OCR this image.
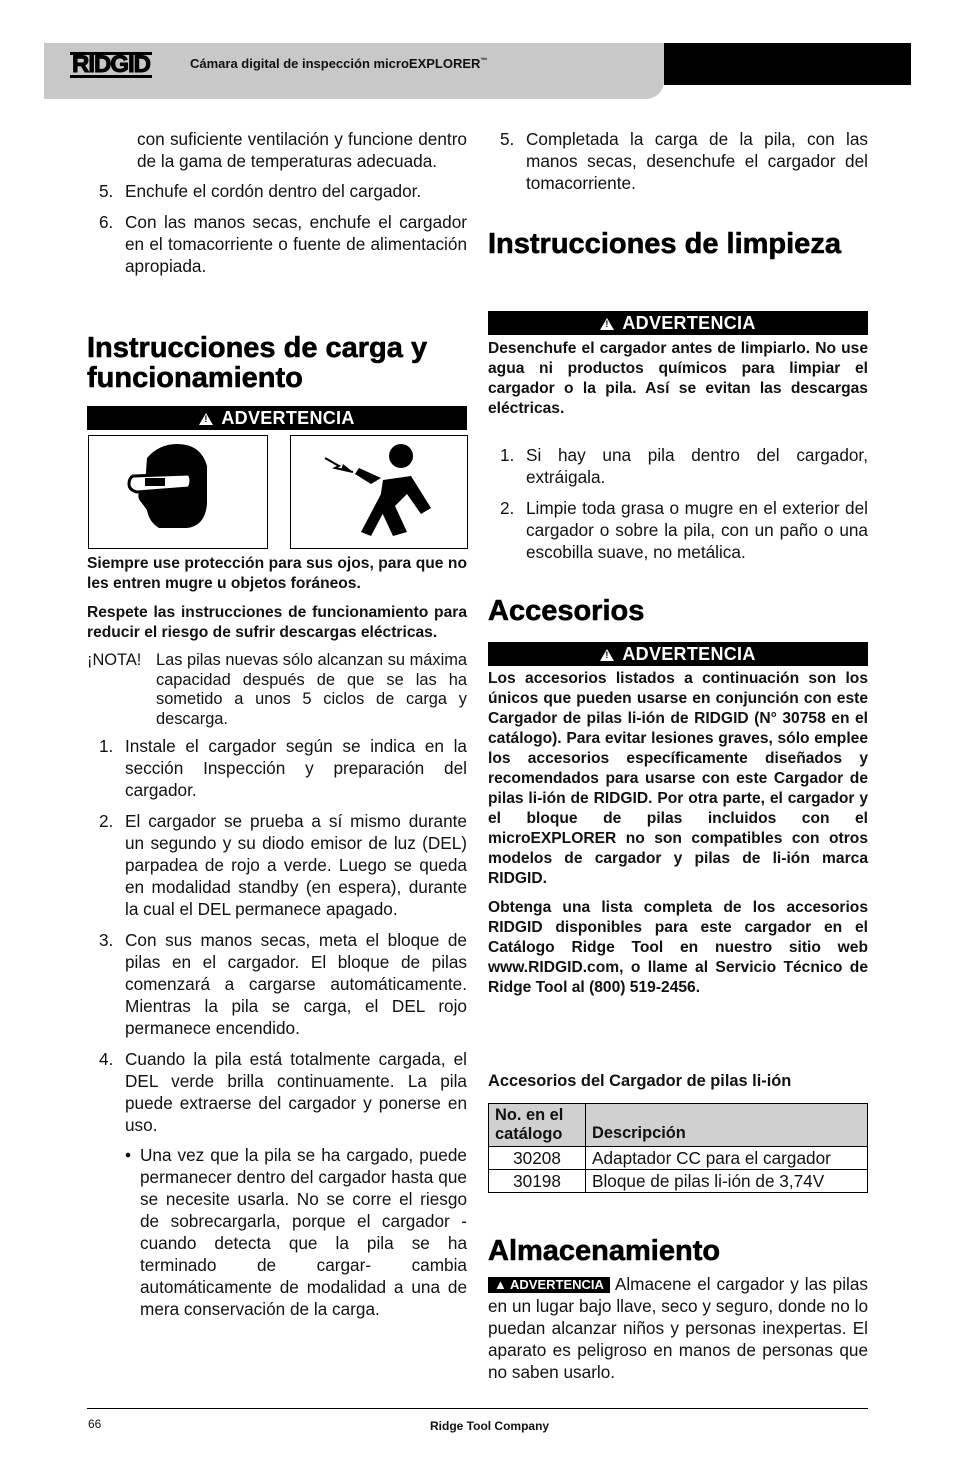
RIDGID	Cámara digital de inspección microEXPLORER™

con suficiente ventilación y funcione dentro de la gama de temperaturas adecuada.

5. Enchufe el cordón dentro del cargador.
6. Con las manos secas, enchufe el cargador en el tomacorriente o fuente de alimentación apropiada.
Instrucciones de carga y funcionamiento
!ADVERTENCIA

Siempre use protección para sus ojos, para que no les entren mugre u objetos foráneos.

Respete las instrucciones de funcionamiento para reducir el riesgo de sufrir descargas eléctricas.

¡NOTA! Las pilas nuevas sólo alcanzan su máxima capacidad después de que se las ha sometido a unos 5 ciclos de carga y descarga.
1. Instale el cargador según se indica en la sección Inspección y preparación del cargador.
2. El cargador se prueba a sí mismo durante un segundo y su diodo emisor de luz (DEL) parpadea de rojo a verde. Luego se queda en modalidad standby (en espera), durante la cual el DEL permanece apagado.
3. Con sus manos secas, meta el bloque de pilas en el cargador. El bloque de pilas comenzará a cargarse automáticamente. Mientras la pila se carga, el DEL rojo permanece encendido.
4. Cuando la pila está totalmente cargada, el DEL verde brilla continuamente. La pila puede extraerse del cargador y ponerse en uso.
• Una vez que la pila se ha cargado, puede permanecer dentro del cargador hasta que se necesite usarla. No se corre el riesgo de sobrecargarla, porque el cargador -cuando detecta que la pila se ha terminado de cargar- cambia automáticamente de modalidad a una de mera conservación de la carga.
5. Completada la carga de la pila, con las manos secas, desenchufe el cargador del tomacorriente.
Instrucciones de limpieza
!ADVERTENCIA

Desenchufe el cargador antes de limpiarlo. No use agua ni productos químicos para limpiar el cargador o la pila. Así se evitan las descargas eléctricas.

1. Si hay una pila dentro del cargador, extráigala.
2. Limpie toda grasa o mugre en el exterior del cargador o sobre la pila, con un paño o una escobilla suave, no metálica.
Accesorios
!ADVERTENCIA

Los accesorios listados a continuación son los únicos que pueden usarse en conjunción con este Cargador de pilas li-ión de RIDGID (N° 30758 en el catálogo). Para evitar lesiones graves, sólo emplee los accesorios específicamente diseñados y recomendados para usarse con este Cargador de pilas li-ión de RIDGID. Por otra parte, el cargador y el bloque de pilas incluidos con el microEXPLORER no son compatibles con otros modelos de cargador y pilas de li-ión marca RIDGID.

Obtenga una lista completa de los accesorios RIDGID disponibles para este cargador en el Catálogo Ridge Tool en nuestro sitio web www.RIDGID.com, o llame al Servicio Técnico de Ridge Tool al (800) 519-2456.

Accesorios del Cargador de pilas li-ión
No. en el catálogo	Descripción
30208	Adaptador CC para el cargador
30198	Bloque de pilas li-ión de 3,74V
Almacenamiento
▲ ADVERTENCIA Almacene el cargador y las pilas en un lugar bajo llave, seco y seguro, donde no lo puedan alcanzar niños y personas inexpertas. El aparato es peligroso en manos de personas que no saben usarlo.
66	Ridge Tool Company
